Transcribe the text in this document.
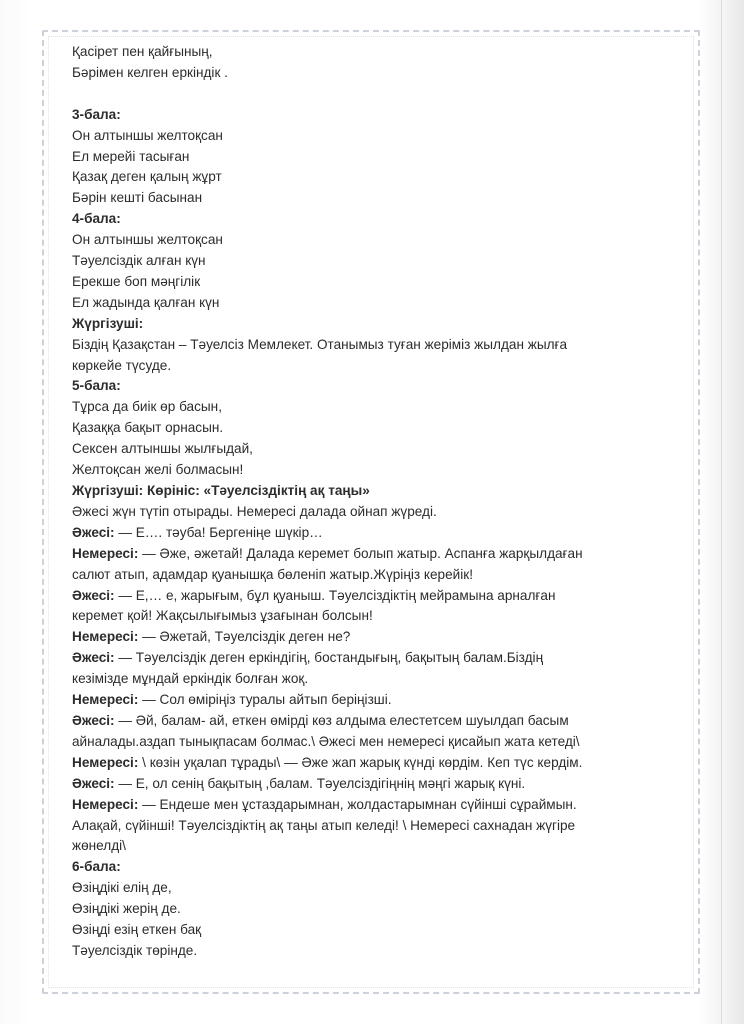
Қасірет пен қайғының,
Бәрімен келген еркіндік .
3-бала:
Он алтыншы желтоқсан
Ел мерейі тасыған
Қазақ деген қалың жұрт
Бәрін кешті басынан
4-бала:
Он алтыншы желтоқсан
Тәуелсіздік алған күн
Ерекше боп мәңгілік
Ел жадында қалған күн
Жүргізуші:
Біздің Қазақстан – Тәуелсіз Мемлекет. Отанымыз туған жеріміз жылдан жылға
көркейе түсуде.
5-бала:
Тұрса да биік өр басын,
Қазаққа бақыт орнасын.
Сексен алтыншы жылғыдай,
Желтоқсан желі болмасын!
Жүргізуші: Көрініс: «Тәуелсіздіктің ақ таңы»
Әжесі жүн түтіп отырады. Немересі далада ойнап жүреді.
Әжесі: — Е…. тәуба! Бергеніңе шүкір…
Немересі: — Әже, әжетай! Далада керемет болып жатыр. Аспанға жарқылдаған
салют атып, адамдар қуанышқа бөленіп жатыр.Жүріңіз керейік!
Әжесі: — Е,… е, жарығым, бұл қуаныш. Тәуелсіздіктің мейрамына арналған
керемет қой! Жақсылығымыз ұзағынан болсын!
Немересі: — Әжетай, Тәуелсіздік деген не?
Әжесі: — Тәуелсіздік деген еркіндігің, бостандығың, бақытың балам.Біздің
кезімізде мұндай еркіндік болған жоқ.
Немересі: — Сол өміріңіз туралы айтып беріңізші.
Әжесі: — Әй, балам- ай, еткен өмірді көз алдыма елестетсем шуылдап басым
айналады.аздап тынықпасам болмас.\ Әжесі мен немересі қисайып жата кетеді\
Немересі: \ көзін уқалап тұрады\ — Әже жап жарық күнді көрдім. Кеп түс кердім.
Әжесі: — Е, ол сенің бақытың ,балам. Тәуелсіздігіңнің мәңгі жарық күні.
Немересі: — Ендеше мен ұстаздарымнан, жолдастарымнан сүйінші сұраймын.
Алақай, сүйінші! Тәуелсіздіктің ақ таңы атып келеді! \ Немересі сахнадан жүгіре
жөнелді\
6-бала:
Өзіңдікі елің де,
Өзіңдікі жерің де.
Өзіңді езің еткен бақ
Тәуелсіздік төрінде.
